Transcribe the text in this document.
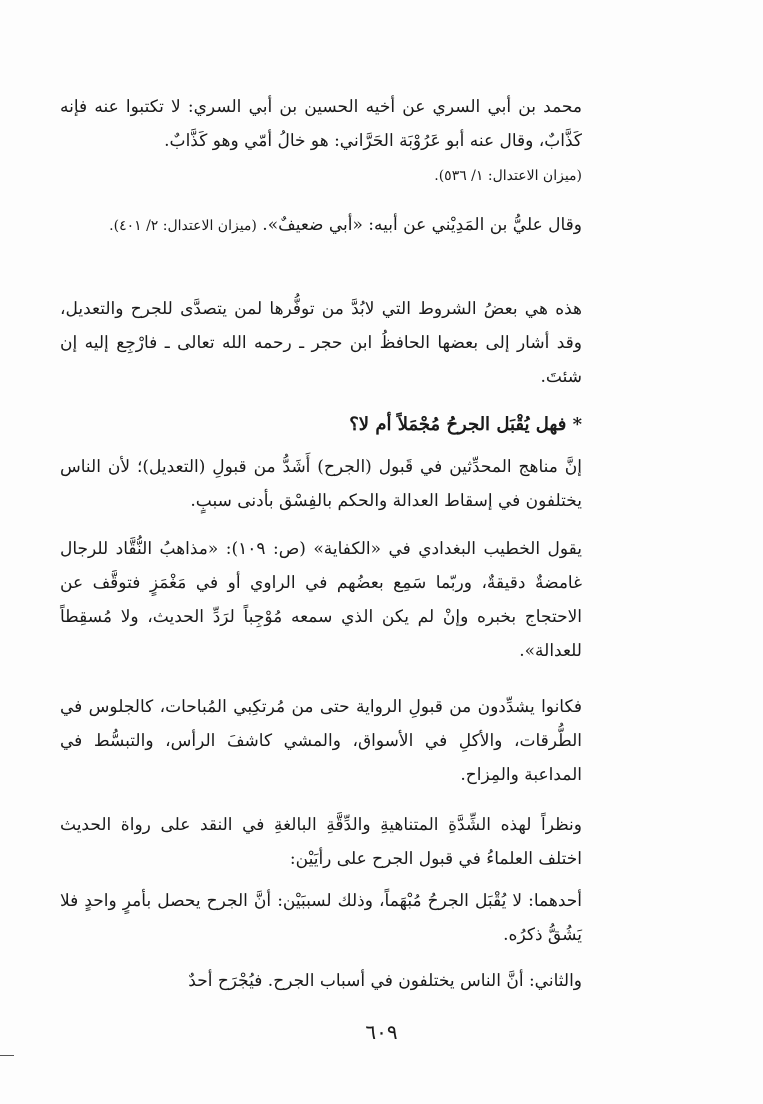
محمد بن أبي السري عن أخيه الحسين بن أبي السري: لا تكتبوا عنه فإنه كَذَّابٌ، وقال عنه أبو عَرُوْبَة الحَرَّاني: هو خالُ أمّي وهو كَذَّابٌ.
(ميزان الاعتدال: ١/ ٥٣٦).
وقال عليُّ بن المَدِيْني عن أبيه: «أبي ضعيفٌ». (ميزان الاعتدال: ٢/ ٤٠١).
هذه هي بعضُ الشروط التي لابُدَّ من توفُّرها لمن يتصدَّى للجرح والتعديل، وقد أشار إلى بعضها الحافظُ ابن حجر ـ رحمه الله تعالى ـ فارْجِع إليه إن شئتَ.
* فهل يُقْبَل الجرحُ مُجْمَلاً أم لا؟
إنَّ مناهج المحدِّثين في قَبول (الجرح) أَشَدُّ من قبولِ (التعديل)؛ لأن الناس يختلفون في إسقاط العدالة والحكم بالفِسْق بأدنى سببٍ.
يقول الخطيب البغدادي في «الكفاية» (ص: ١٠٩): «مذاهبُ النُّقَّاد للرجال غامضةٌ دقيقةٌ، وربّما سَمِع بعضُهم في الراوي أو في مَغْمَزٍ فتوقَّف عن الاحتجاج بخبره وإنْ لم يكن الذي سمعه مُوْجِباً لرَدِّ الحديث، ولا مُسقِطاً للعدالة».
فكانوا يشدِّدون من قبولِ الرواية حتى من مُرتكِبي المُباحات، كالجلوس في الطُّرقات، والأكلِ في الأسواق، والمشي كاشفَ الرأس، والتبسُّط في المداعبة والمِزاح.
ونظراً لهذه الشِّدَّةِ المتناهيةِ والدِّقَّةِ البالغةِ في النقد على رواة الحديث اختلف العلماءُ في قبول الجرح على رأيَيْن:
أحدهما: لا يُقْبَل الجرحُ مُبْهَماً، وذلك لسببَيْن: أنَّ الجرح يحصل بأمرٍ واحدٍ فلا يَشُقُّ ذكرُه.
والثاني: أنَّ الناس يختلفون في أسباب الجرح. فيُجْرَح أحدٌ
٦٠٩
